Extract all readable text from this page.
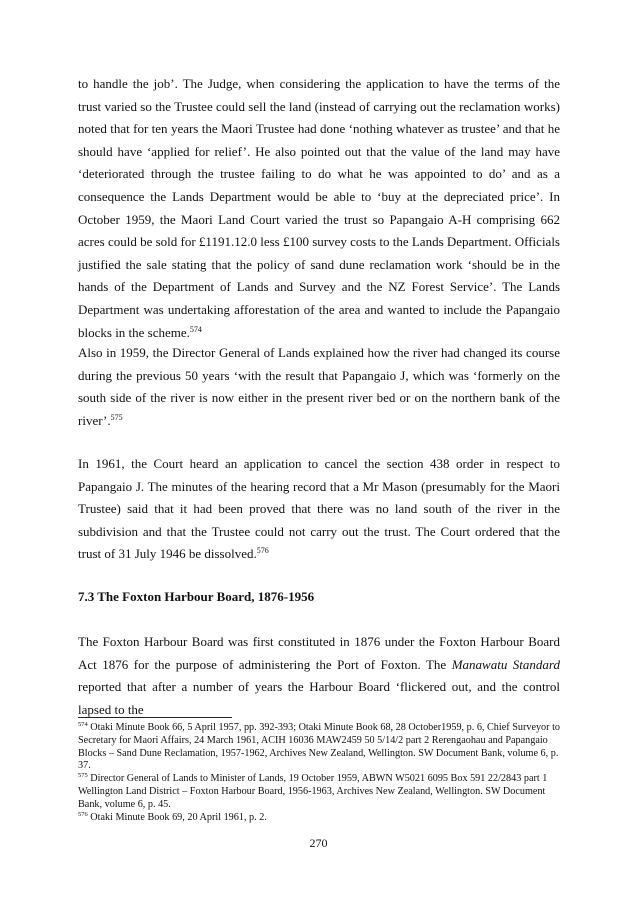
to handle the job’. The Judge, when considering the application to have the terms of the trust varied so the Trustee could sell the land (instead of carrying out the reclamation works) noted that for ten years the Maori Trustee had done ‘nothing whatever as trustee’ and that he should have ‘applied for relief’. He also pointed out that the value of the land may have ‘deteriorated through the trustee failing to do what he was appointed to do’ and as a consequence the Lands Department would be able to ‘buy at the depreciated price’. In October 1959, the Maori Land Court varied the trust so Papangaio A-H comprising 662 acres could be sold for £1191.12.0 less £100 survey costs to the Lands Department. Officials justified the sale stating that the policy of sand dune reclamation work ‘should be in the hands of the Department of Lands and Survey and the NZ Forest Service’. The Lands Department was undertaking afforestation of the area and wanted to include the Papangaio blocks in the scheme.$^{574}$

Also in 1959, the Director General of Lands explained how the river had changed its course during the previous 50 years ‘with the result that Papangaio J, which was ‘formerly on the south side of the river is now either in the present river bed or on the northern bank of the river’.$^{575}$

In 1961, the Court heard an application to cancel the section 438 order in respect to Papangaio J. The minutes of the hearing record that a Mr Mason (presumably for the Maori Trustee) said that it had been proved that there was no land south of the river in the subdivision and that the Trustee could not carry out the trust. The Court ordered that the trust of 31 July 1946 be dissolved.$^{576}$

7.3 The Foxton Harbour Board, 1876-1956

The Foxton Harbour Board was first constituted in 1876 under the Foxton Harbour Board Act 1876 for the purpose of administering the Port of Foxton. The Manawatu Standard reported that after a number of years the Harbour Board ‘flickered out, and the control lapsed to the

$^{574}$ Otaki Minute Book 66, 5 April 1957, pp. 392-393; Otaki Minute Book 68, 28 October1959, p. 6, Chief Surveyor to Secretary for Maori Affairs, 24 March 1961, ACIH 16036 MAW2459 50 5/14/2 part 2 Rerengaohau and Papangaio Blocks – Sand Dune Reclamation, 1957-1962, Archives New Zealand, Wellington. SW Document Bank, volume 6, p. 37.

$^{575}$ Director General of Lands to Minister of Lands, 19 October 1959, ABWN W5021 6095 Box 591 22/2843 part 1 Wellington Land District – Foxton Harbour Board, 1956-1963, Archives New Zealand, Wellington. SW Document Bank, volume 6, p. 45.

$^{576}$ Otaki Minute Book 69, 20 April 1961, p. 2.

270
